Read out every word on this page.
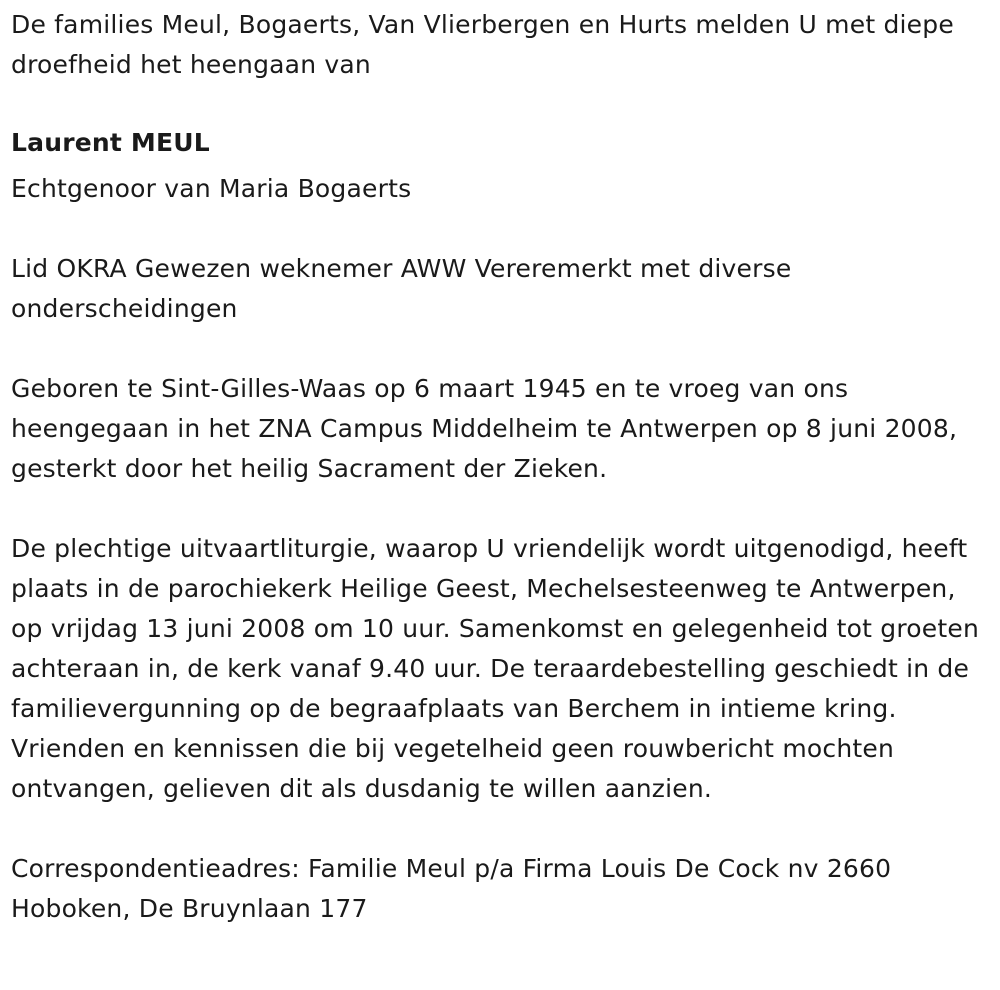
De families Meul, Bogaerts, Van Vlierbergen en Hurts melden U met diepe droefheid het heengaan van

Laurent MEUL

Echtgenoor van Maria Bogaerts

Lid OKRA Gewezen weknemer AWW Vereremerkt met diverse onderscheidingen

Geboren te Sint-Gilles-Waas op 6 maart 1945 en te vroeg van ons heengegaan in het ZNA Campus Middelheim te Antwerpen op 8 juni 2008, gesterkt door het heilig Sacrament der Zieken.

De plechtige uitvaartliturgie, waarop U vriendelijk wordt uitgenodigd, heeft plaats in de parochiekerk Heilige Geest, Mechelsesteenweg te Antwerpen, op vrijdag 13 juni 2008 om 10 uur. Samenkomst en gelegenheid tot groeten achteraan in, de kerk vanaf 9.40 uur. De teraardebestelling geschiedt in de familievergunning op de begraafplaats van Berchem in intieme kring. Vrienden en kennissen die bij vegetelheid geen rouwbericht mochten ontvangen, gelieven dit als dusdanig te willen aanzien.

Correspondentieadres: Familie Meul p/a Firma Louis De Cock nv 2660 Hoboken, De Bruynlaan 177
